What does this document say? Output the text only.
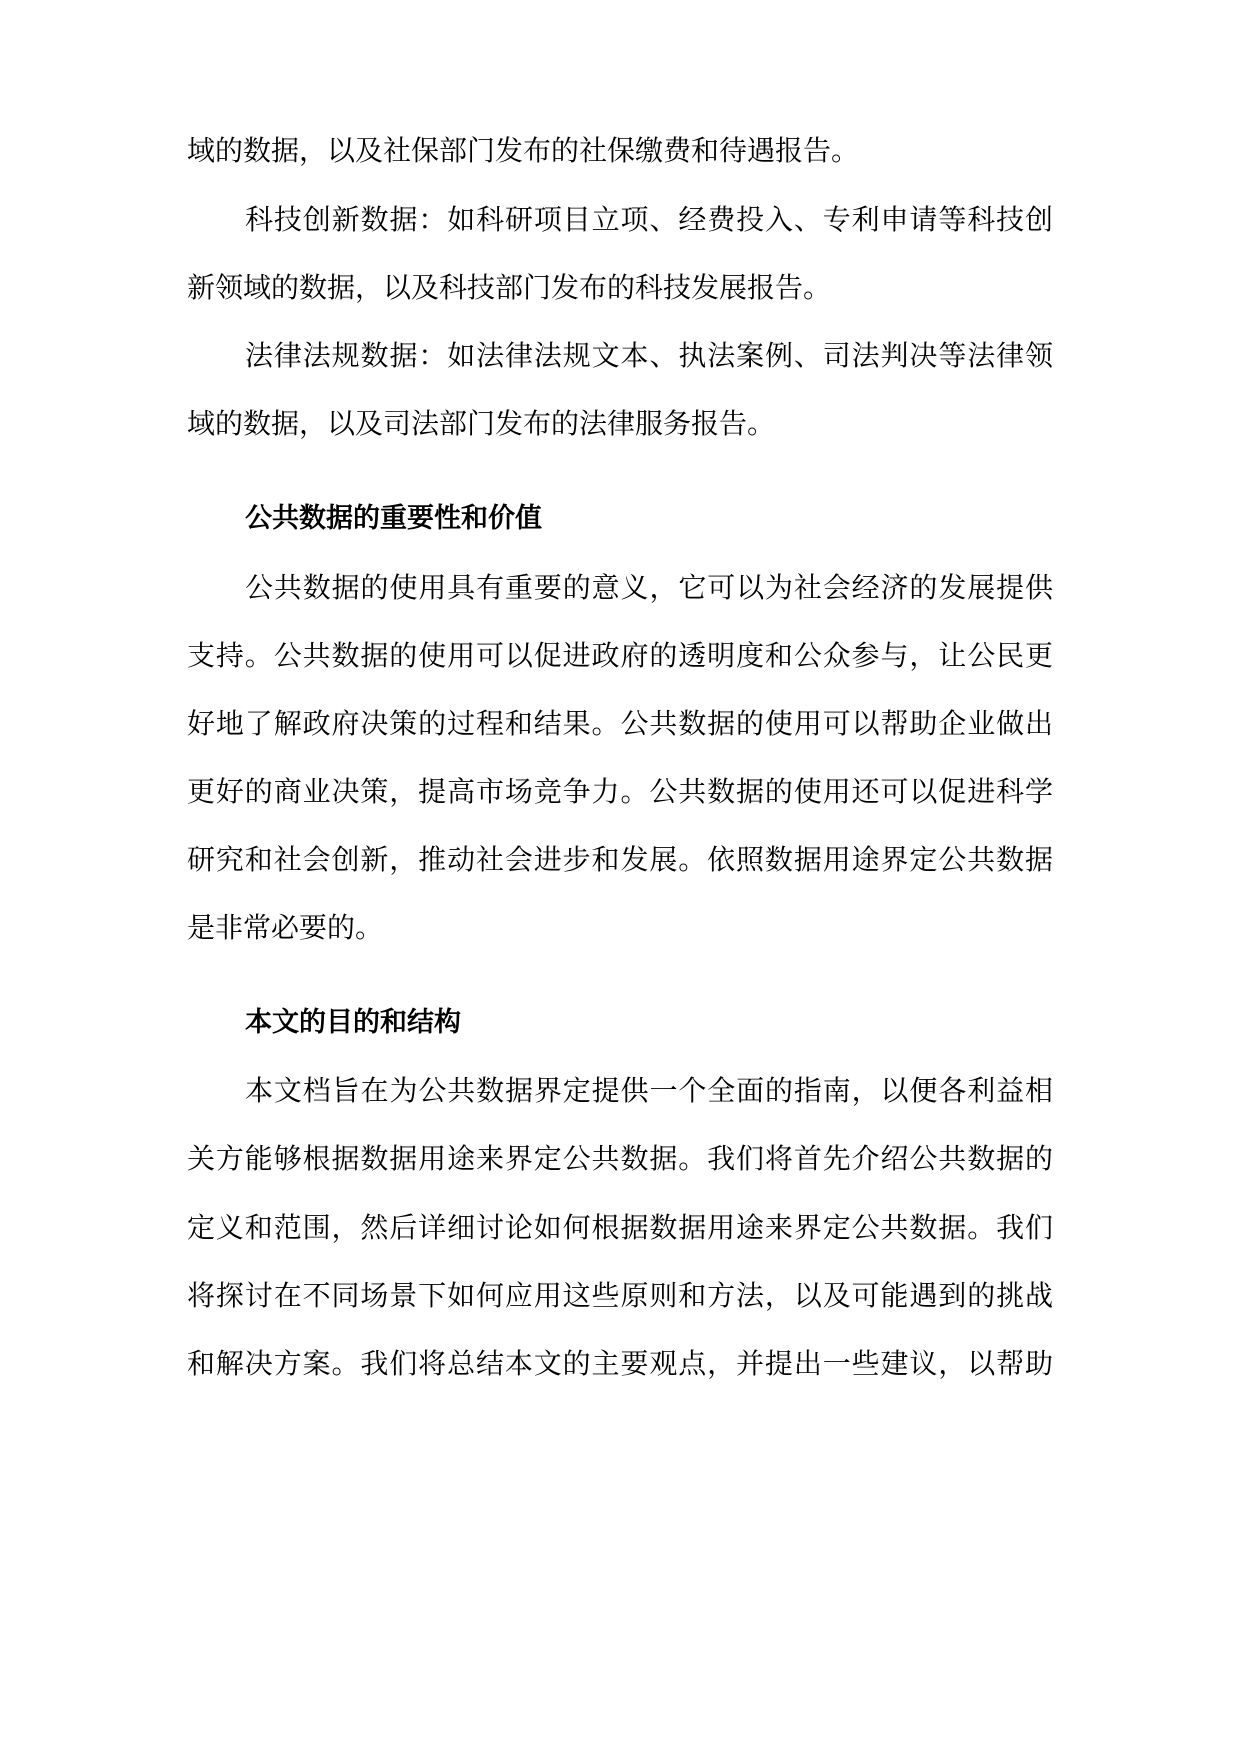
域的数据，以及社保部门发布的社保缴费和待遇报告。
科技创新数据：如科研项目立项、经费投入、专利申请等科技创
新领域的数据，以及科技部门发布的科技发展报告。
法律法规数据：如法律法规文本、执法案例、司法判决等法律领
域的数据，以及司法部门发布的法律服务报告。
公共数据的重要性和价值
公共数据的使用具有重要的意义，它可以为社会经济的发展提供
支持。公共数据的使用可以促进政府的透明度和公众参与，让公民更
好地了解政府决策的过程和结果。公共数据的使用可以帮助企业做出
更好的商业决策，提高市场竞争力。公共数据的使用还可以促进科学
研究和社会创新，推动社会进步和发展。依照数据用途界定公共数据
是非常必要的。
本文的目的和结构
本文档旨在为公共数据界定提供一个全面的指南，以便各利益相
关方能够根据数据用途来界定公共数据。我们将首先介绍公共数据的
定义和范围，然后详细讨论如何根据数据用途来界定公共数据。我们
将探讨在不同场景下如何应用这些原则和方法，以及可能遇到的挑战
和解决方案。我们将总结本文的主要观点，并提出一些建议，以帮助
